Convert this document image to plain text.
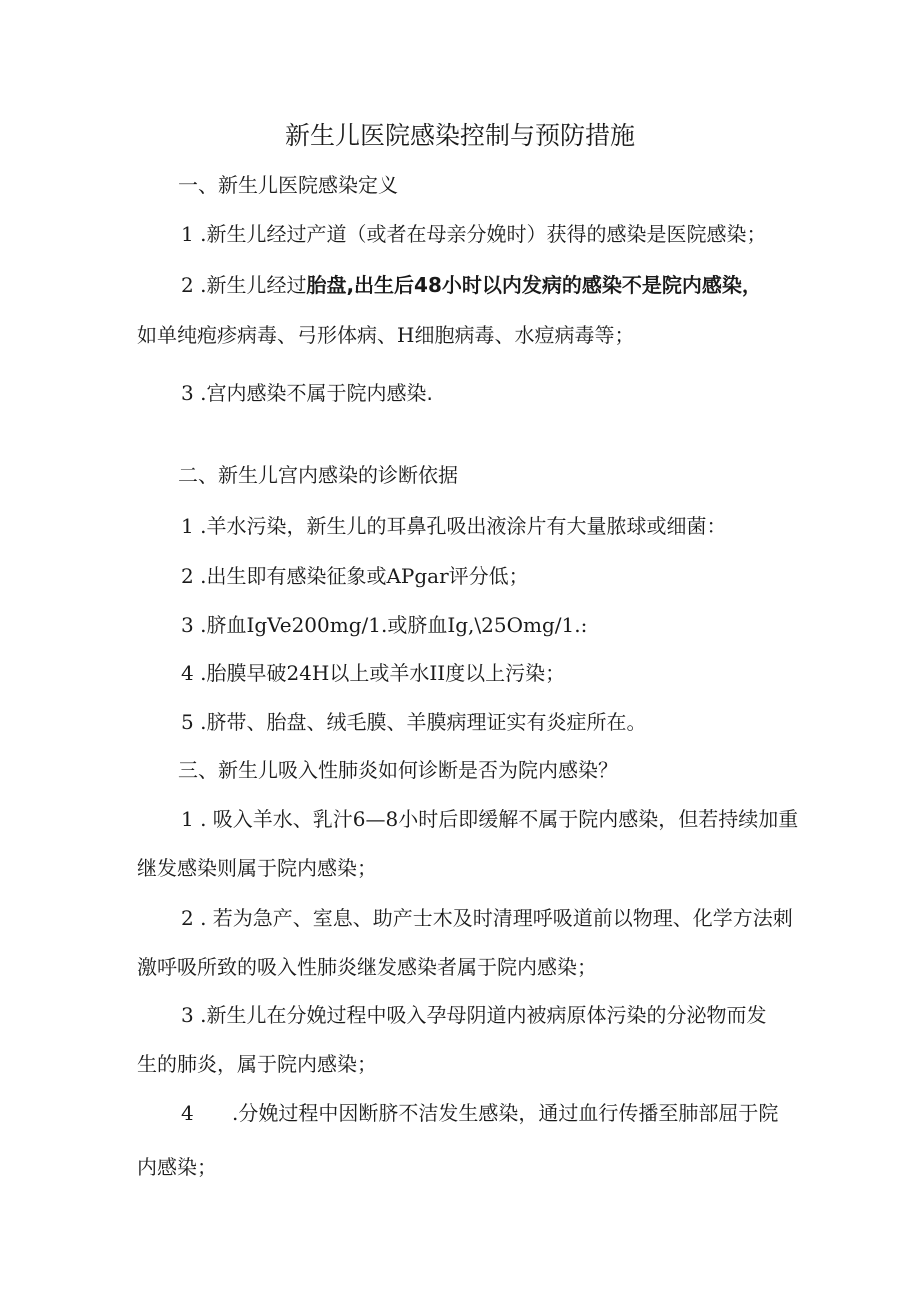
新生儿医院感染控制与预防措施
一、新生儿医院感染定义
1 .新生儿经过产道（或者在母亲分娩时）获得的感染是医院感染；
2 .新生儿经过胎盘,出生后48小时以内发病的感染不是院内感染，
如单纯疱疹病毒、弓形体病、H细胞病毒、水痘病毒等；
3 .宫内感染不属于院内感染.
二、新生儿宫内感染的诊断依据
1 .羊水污染，新生儿的耳鼻孔吸出液涂片有大量脓球或细菌：
2 .出生即有感染征象或APgar评分低；
3 .脐血IgVe200mg/1.或脐血Ig,\25Omg/1.:
4 .胎膜早破24H以上或羊水II度以上污染；
5 .脐带、胎盘、绒毛膜、羊膜病理证实有炎症所在。
三、新生儿吸入性肺炎如何诊断是否为院内感染？
1 . 吸入羊水、乳汁6—8小时后即缓解不属于院内感染，但若持续加重
继发感染则属于院内感染；
2 . 若为急产、室息、助产士木及时清理呼吸道前以物理、化学方法刺
激呼吸所致的吸入性肺炎继发感染者属于院内感染；
3 .新生儿在分娩过程中吸入孕母阴道内被病原体污染的分泌物而发
生的肺炎，属于院内感染；
4 .分娩过程中因断脐不洁发生感染，通过血行传播至肺部屈于院
内感染；
